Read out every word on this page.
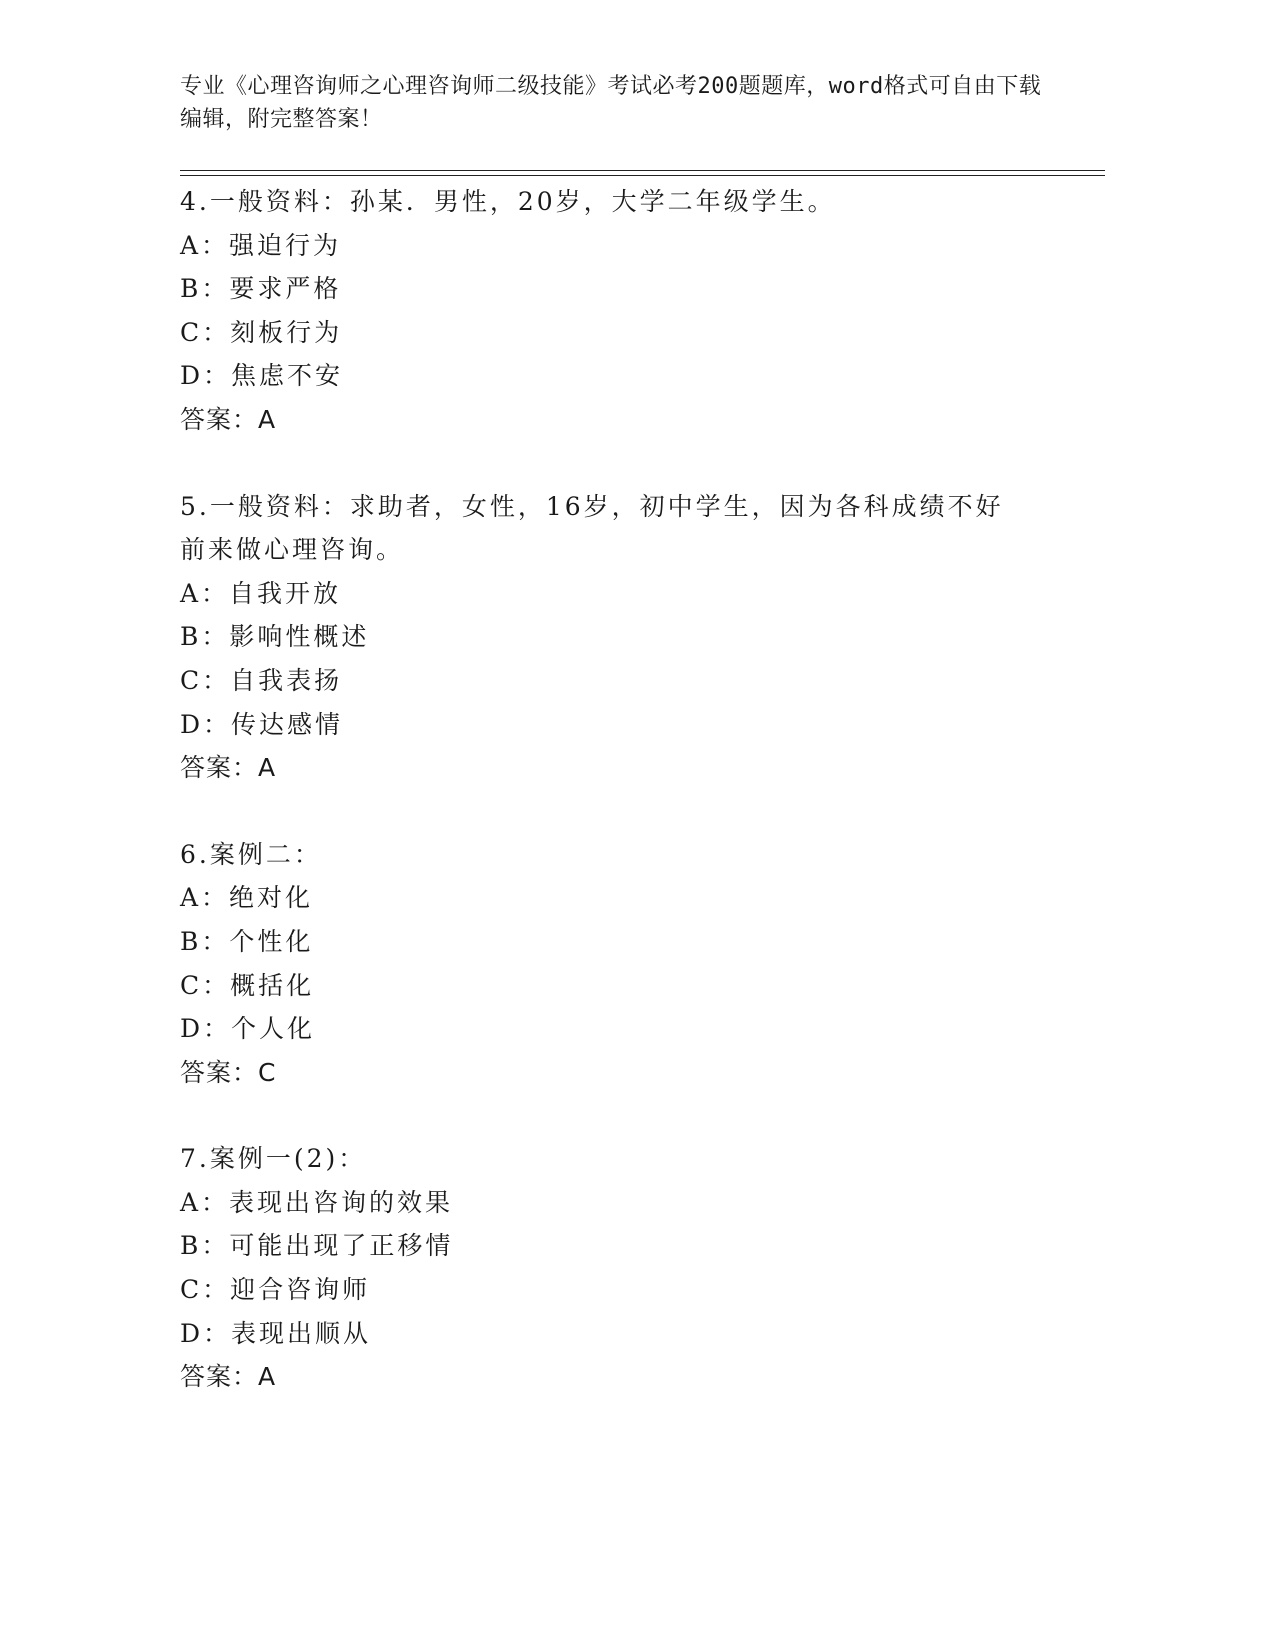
专业《心理咨询师之心理咨询师二级技能》考试必考200题题库，word格式可自由下载编辑，附完整答案！
4.一般资料：孙某．男性，20岁，大学二年级学生。
A：强迫行为
B：要求严格
C：刻板行为
D：焦虑不安
答案：A
5.一般资料：求助者，女性，16岁，初中学生，因为各科成绩不好前来做心理咨询。
A：自我开放
B：影响性概述
C：自我表扬
D：传达感情
答案：A
6.案例二：
A：绝对化
B：个性化
C：概括化
D：个人化
答案：C
7.案例一(2)：
A：表现出咨询的效果
B：可能出现了正移情
C：迎合咨询师
D：表现出顺从
答案：A
